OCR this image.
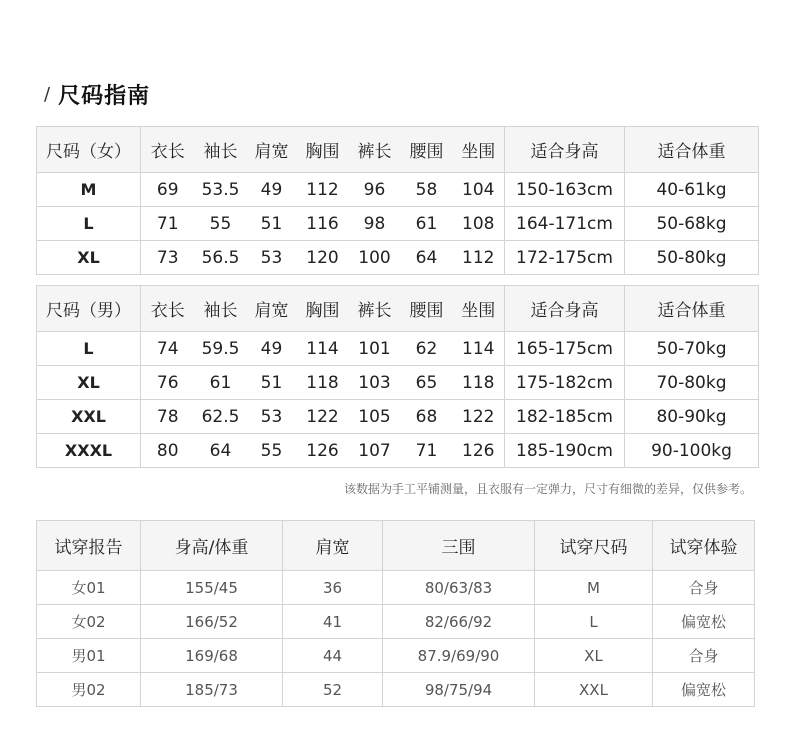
/ 尺码指南
尺码（女）	衣长	袖长	肩宽	胸围	裤长	腰围	坐围	适合身高	适合体重
M	69	53.5	49	112	96	58	104	150-163cm	40-61kg
L	71	55	51	116	98	61	108	164-171cm	50-68kg
XL	73	56.5	53	120	100	64	112	172-175cm	50-80kg
尺码（男）	衣长	袖长	肩宽	胸围	裤长	腰围	坐围	适合身高	适合体重
L	74	59.5	49	114	101	62	114	165-175cm	50-70kg
XL	76	61	51	118	103	65	118	175-182cm	70-80kg
XXL	78	62.5	53	122	105	68	122	182-185cm	80-90kg
XXXL	80	64	55	126	107	71	126	185-190cm	90-100kg
该数据为手工平铺测量，且衣服有一定弹力，尺寸有细微的差异，仅供参考。
试穿报告	身高/体重	肩宽	三围	试穿尺码	试穿体验
女01	155/45	36	80/63/83	M	合身
女02	166/52	41	82/66/92	L	偏宽松
男01	169/68	44	87.9/69/90	XL	合身
男02	185/73	52	98/75/94	XXL	偏宽松
